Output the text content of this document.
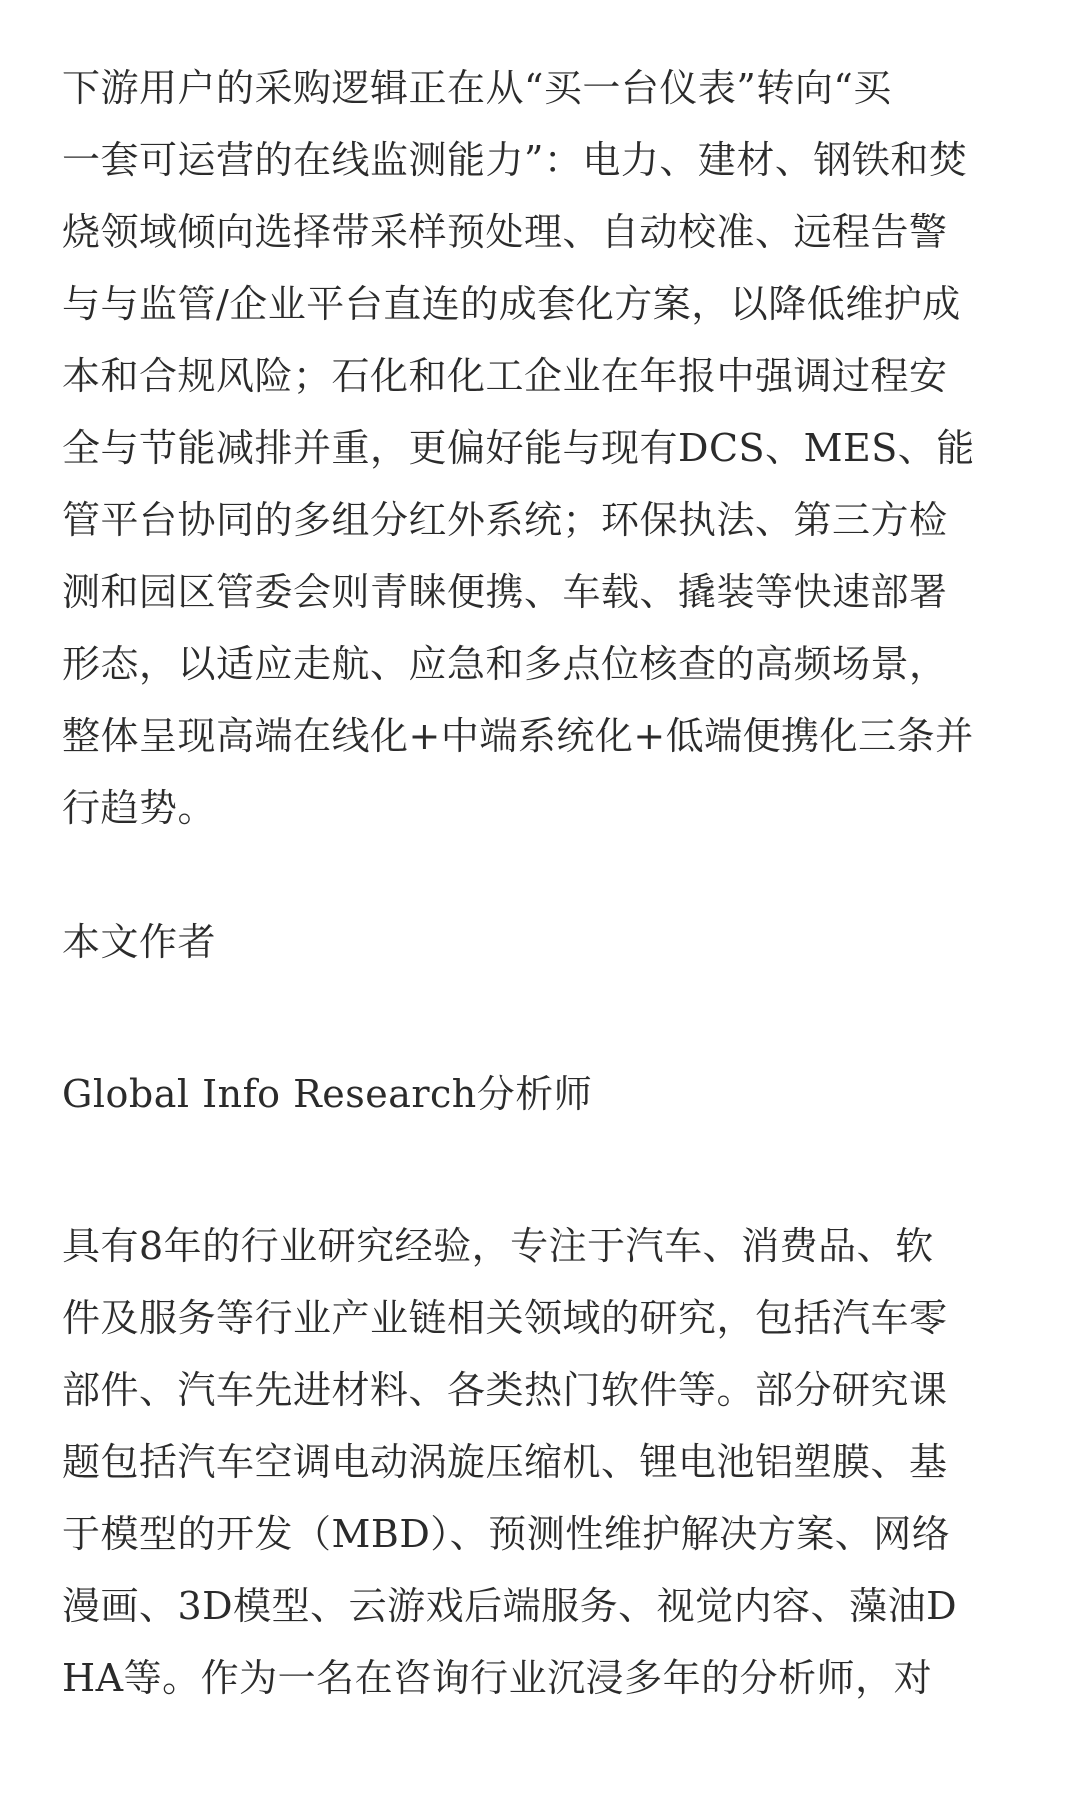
下游用户的采购逻辑正在从“买一台仪表”转向“买
一套可运营的在线监测能力”：电力、建材、钢铁和焚
烧领域倾向选择带采样预处理、自动校准、远程告警
与与监管/企业平台直连的成套化方案，以降低维护成
本和合规风险；石化和化工企业在年报中强调过程安
全与节能减排并重，更偏好能与现有DCS、MES、能
管平台协同的多组分红外系统；环保执法、第三方检
测和园区管委会则青睐便携、车载、撬装等快速部署
形态，以适应走航、应急和多点位核查的高频场景，
整体呈现高端在线化+中端系统化+低端便携化三条并
行趋势。

本文作者

Global Info Research分析师

具有8年的行业研究经验，专注于汽车、消费品、软
件及服务等行业产业链相关领域的研究，包括汽车零
部件、汽车先进材料、各类热门软件等。部分研究课
题包括汽车空调电动涡旋压缩机、锂电池铝塑膜、基
于模型的开发（MBD）、预测性维护解决方案、网络
漫画、3D模型、云游戏后端服务、视觉内容、藻油D
HA等。作为一名在咨询行业沉浸多年的分析师，对
